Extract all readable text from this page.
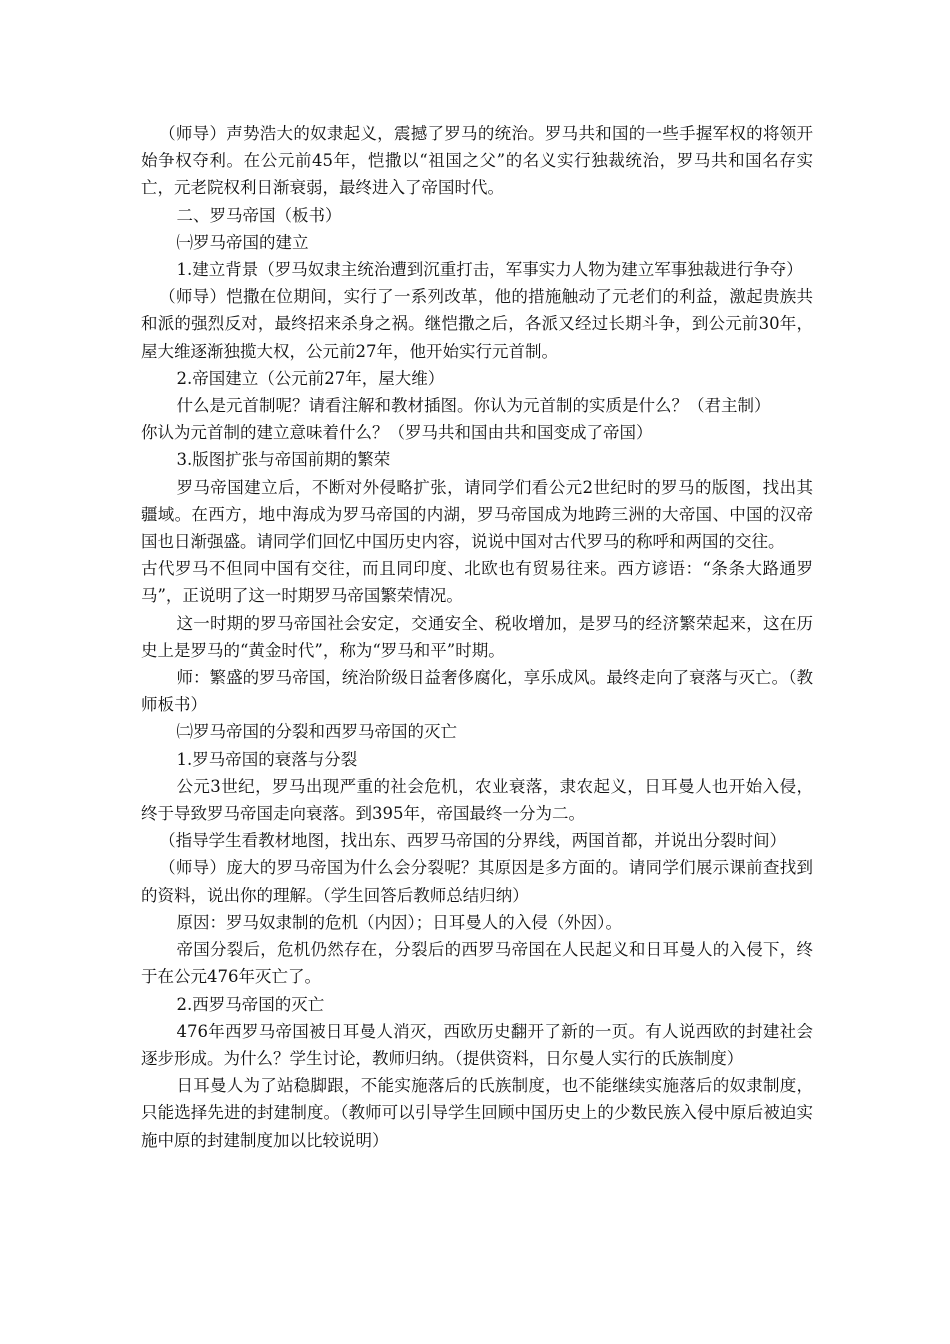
（师导）声势浩大的奴隶起义，震撼了罗马的统治。罗马共和国的一些手握军权的将领开始争权夺利。在公元前45年，恺撒以“祖国之父”的名义实行独裁统治，罗马共和国名存实亡，元老院权利日渐衰弱，最终进入了帝国时代。

二、罗马帝国（板书）

㈠罗马帝国的建立

1.建立背景（罗马奴隶主统治遭到沉重打击，军事实力人物为建立军事独裁进行争夺）

（师导）恺撒在位期间，实行了一系列改革，他的措施触动了元老们的利益，激起贵族共和派的强烈反对，最终招来杀身之祸。继恺撒之后，各派又经过长期斗争，到公元前30年，屋大维逐渐独揽大权，公元前27年，他开始实行元首制。

2.帝国建立（公元前27年，屋大维）

什么是元首制呢？请看注解和教材插图。你认为元首制的实质是什么？（君主制）

你认为元首制的建立意味着什么？（罗马共和国由共和国变成了帝国）

3.版图扩张与帝国前期的繁荣

罗马帝国建立后，不断对外侵略扩张，请同学们看公元2世纪时的罗马的版图，找出其疆域。在西方，地中海成为罗马帝国的内湖，罗马帝国成为地跨三洲的大帝国、中国的汉帝国也日渐强盛。请同学们回忆中国历史内容，说说中国对古代罗马的称呼和两国的交往。

古代罗马不但同中国有交往，而且同印度、北欧也有贸易往来。西方谚语：“条条大路通罗马”，正说明了这一时期罗马帝国繁荣情况。

这一时期的罗马帝国社会安定，交通安全、税收增加，是罗马的经济繁荣起来，这在历史上是罗马的“黄金时代”，称为“罗马和平”时期。

师：繁盛的罗马帝国，统治阶级日益奢侈腐化，享乐成风。最终走向了衰落与灭亡。（教师板书）

㈡罗马帝国的分裂和西罗马帝国的灭亡

1.罗马帝国的衰落与分裂

公元3世纪，罗马出现严重的社会危机，农业衰落，隶农起义，日耳曼人也开始入侵，终于导致罗马帝国走向衰落。到395年，帝国最终一分为二。

（指导学生看教材地图，找出东、西罗马帝国的分界线，两国首都，并说出分裂时间）

（师导）庞大的罗马帝国为什么会分裂呢？其原因是多方面的。请同学们展示课前查找到的资料，说出你的理解。（学生回答后教师总结归纳）

原因：罗马奴隶制的危机（内因）；日耳曼人的入侵（外因）。

帝国分裂后，危机仍然存在，分裂后的西罗马帝国在人民起义和日耳曼人的入侵下，终于在公元476年灭亡了。

2.西罗马帝国的灭亡

476年西罗马帝国被日耳曼人消灭，西欧历史翻开了新的一页。有人说西欧的封建社会逐步形成。为什么？学生讨论，教师归纳。（提供资料，日尔曼人实行的氏族制度）

日耳曼人为了站稳脚跟，不能实施落后的氏族制度，也不能继续实施落后的奴隶制度，只能选择先进的封建制度。（教师可以引导学生回顾中国历史上的少数民族入侵中原后被迫实施中原的封建制度加以比较说明）
